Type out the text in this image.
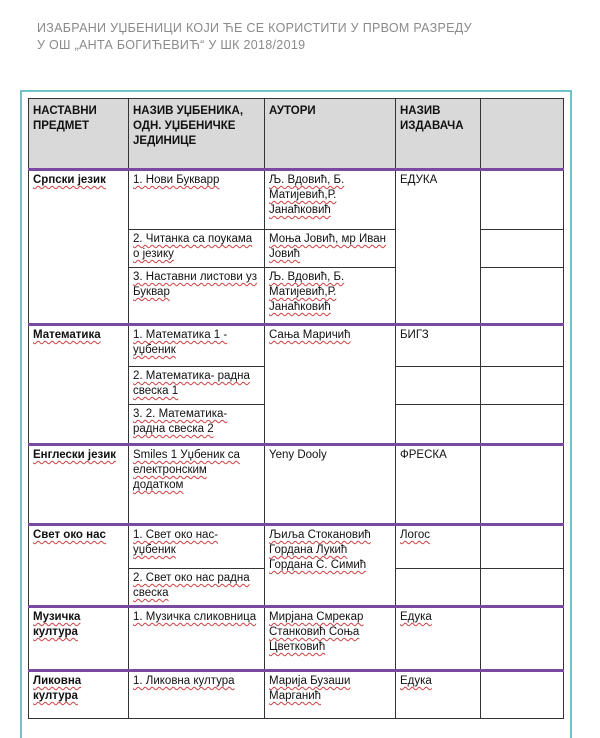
ИЗАБРАНИ УЏБЕНИЦИ КОЈИ ЋЕ СЕ КОРИСТИТИ У ПРВОМ РАЗРЕДУ
У ОШ „АНТА БОГИЋЕВИЋ“ У ШК 2018/2019
НАСТАВНИ ПРЕДМЕТ	НАЗИВ УЏБЕНИКА, ОДН. УЏБЕНИЧКЕ ЈЕДИНИЦЕ	АУТОРИ	НАЗИВ ИЗДАВАЧА	
Српски језик	1. Нови Букварр	Љ. Вдовић, Б. Матијевић,Р. Јанаћковић	ЕДУКА	
	2. Читанка са поукама о језику	Моња Јовић, мр Иван Јовић		
	3. Наставни листови уз Буквар	Љ. Вдовић, Б. Матијевић,Р. Јанаћковић		
Математика	1. Математика 1 - уџбеник	Сања Маричић	БИГЗ	
	2. Математика- радна свеска 1			
	3. 2. Математика- радна свеска 2			
Енглески језик	Smiles 1 Уџбеник са електронским додатком	Yeny Dooly	ФРЕСКА	
Свет око нас	1. Свет око нас- уџбеник	Љиља Стокановић Гордана Лукић Гордана С. Симић	Логос	
	2. Свет око нас радна свеска			
Музичка култура	1. Музичка сликовница	Мирјана Смрекар Станковић Соња Цветковић	Едука	
Ликовна култура	1. Ликовна култура	Марија Бузаши Марганић	Едука	
